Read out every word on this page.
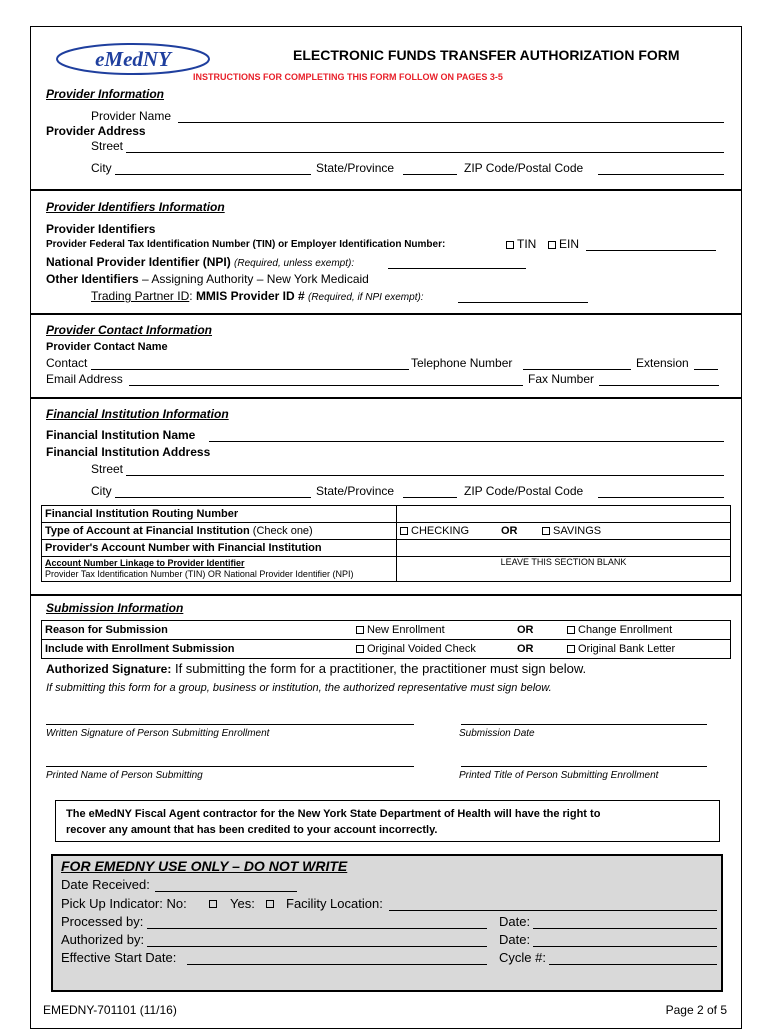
eMedNY	ELECTRONIC FUNDS TRANSFER AUTHORIZATION FORM
INSTRUCTIONS FOR COMPLETING THIS FORM FOLLOW ON PAGES 3-5
Provider Information
Provider Name
Provider Address
Street
City	State/Province	ZIP Code/Postal Code
Provider Identifiers Information
Provider Identifiers
Provider Federal Tax Identification Number (TIN) or Employer Identification Number:	TIN	EIN
National Provider Identifier (NPI) (Required, unless exempt):
Other Identifiers – Assigning Authority – New York Medicaid
Trading Partner ID: MMIS Provider ID # (Required, if NPI exempt):
Provider Contact Information
Provider Contact Name
Contact	Telephone Number	Extension
Email Address	Fax Number
Financial Institution Information
Financial Institution Name
Financial Institution Address
Street
City	State/Province	ZIP Code/Postal Code
Financial Institution Routing Number			
Type of Account at Financial Institution (Check one)	CHECKING	OR	SAVINGS
Provider's Account Number with Financial Institution			

Account Number Linkage to Provider Identifier
Provider Tax Identification Number (TIN) OR National Provider Identifier (NPI)	LEAVE THIS SECTION BLANK		
Submission Information
Reason for Submission	New Enrollment	OR	Change Enrollment
Include with Enrollment Submission	Original Voided Check	OR	Original Bank Letter
Authorized Signature: If submitting the form for a practitioner, the practitioner must sign below.
If submitting this form for a group, business or institution, the authorized representative must sign below.
Written Signature of Person Submitting Enrollment	Submission Date
Printed Name of Person Submitting	Printed Title of Person Submitting Enrollment
The eMedNY Fiscal Agent contractor for the New York State Department of Health will have the right to
recover any amount that has been credited to your account incorrectly.
FOR EMEDNY USE ONLY – DO NOT WRITE
Date Received:
Pick Up Indicator: No:	Yes: Facility Location:
Processed by:	Date:
Authorized by:	Date:
Effective Start Date:	Cycle #:
EMEDNY-701101 (11/16)	Page 2 of 5
